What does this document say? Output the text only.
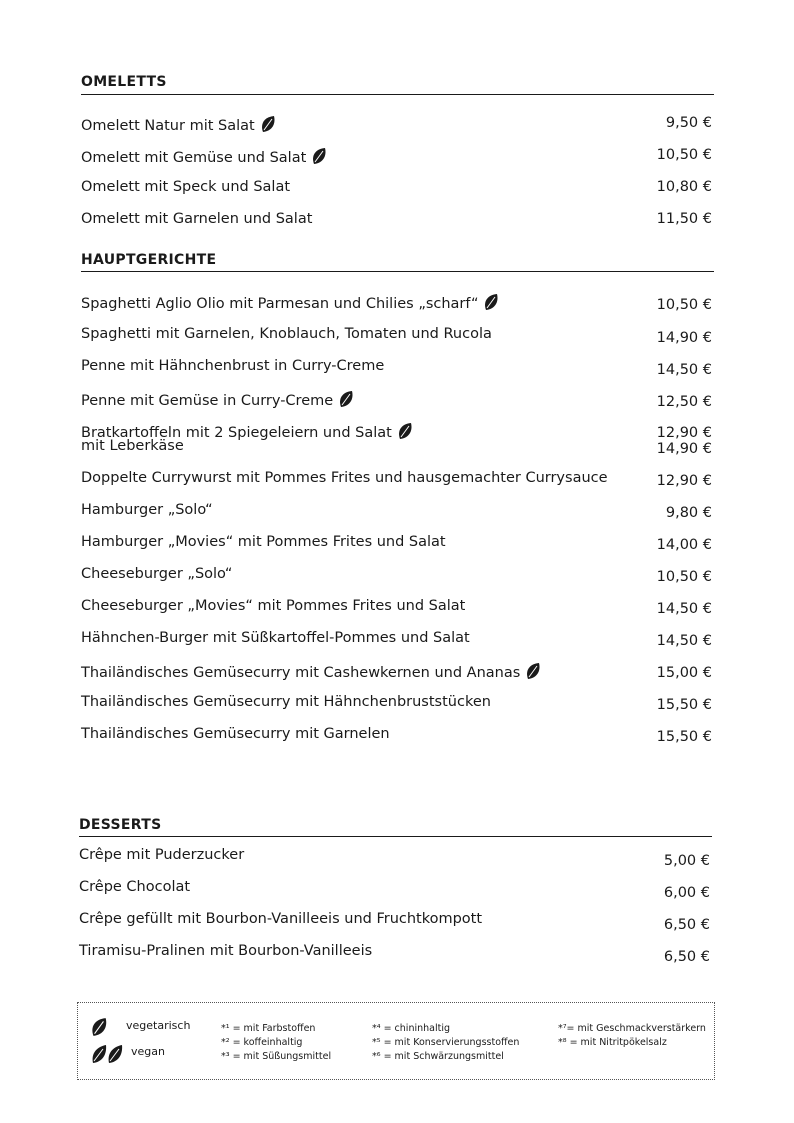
OMELETTS
Omelett Natur mit Salat	9,50 €
Omelett mit Gemüse und Salat	10,50 €
Omelett mit Speck und Salat	10,80 €
Omelett mit Garnelen und Salat	11,50 €
HAUPTGERICHTE
Spaghetti Aglio Olio mit Parmesan und Chilies „scharf“	10,50 €
Spaghetti mit Garnelen, Knoblauch, Tomaten und Rucola	14,90 €
Penne mit Hähnchenbrust in Curry-Creme	14,50 €
Penne mit Gemüse in Curry-Creme	12,50 €
Bratkartoffeln mit 2 Spiegeleiern und Salat	12,90 €
mit Leberkäse	14,90 €
Doppelte Currywurst mit Pommes Frites und hausgemachter Currysauce	12,90 €
Hamburger „Solo“	9,80 €
Hamburger „Movies“ mit Pommes Frites und Salat	14,00 €
Cheeseburger „Solo“	10,50 €
Cheeseburger „Movies“ mit Pommes Frites und Salat	14,50 €
Hähnchen-Burger mit Süßkartoffel-Pommes und Salat	14,50 €
Thailändisches Gemüsecurry mit Cashewkernen und Ananas	15,00 €
Thailändisches Gemüsecurry mit Hähnchenbruststücken	15,50 €
Thailändisches Gemüsecurry mit Garnelen	15,50 €
DESSERTS
Crêpe mit Puderzucker	5,00 €
Crêpe Chocolat	6,00 €
Crêpe gefüllt mit Bourbon-Vanilleeis und Fruchtkompott	6,50 €
Tiramisu-Pralinen mit Bourbon-Vanilleeis	6,50 €
vegetarisch
vegan
*¹ = mit Farbstoffen
*² = koffeinhaltig
*³ = mit Süßungsmittel
*⁴ = chininhaltig
*⁵ = mit Konservierungsstoffen
*⁶ = mit Schwärzungsmittel
*⁷= mit Geschmackverstärkern
*⁸ = mit Nitritpökelsalz
